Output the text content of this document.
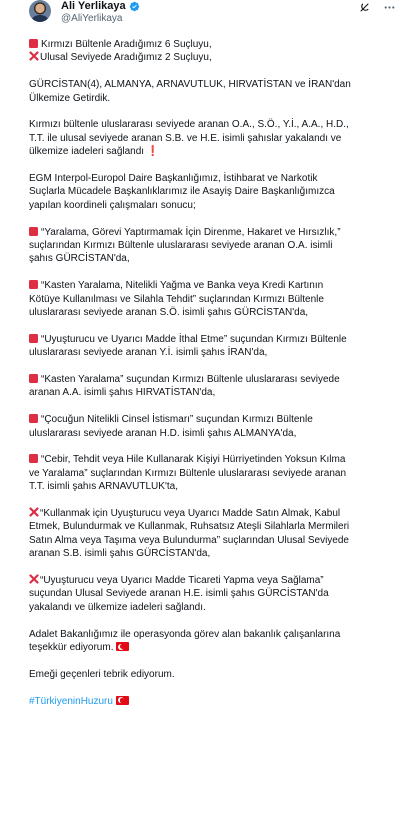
Ali Yerlikaya
@AliYerlikaya
Kırmızı Bültenle Aradığımız 6 Suçluyu,
Ulusal Seviyede Aradığımız 2 Suçluyu,
GÜRCİSTAN(4), ALMANYA, ARNAVUTLUK, HIRVATİSTAN ve İRAN'dan
Ülkemize Getirdik.
Kırmızı bültenle uluslararası seviyede aranan O.A., S.Ö., Y.İ., A.A., H.D.,
T.T. ile ulusal seviyede aranan S.B. ve H.E. isimli şahıslar yakalandı ve
ülkemize iadeleri sağlandı ❗
EGM Interpol-Europol Daire Başkanlığımız, İstihbarat ve Narkotik
Suçlarla Mücadele Başkanlıklarımız ile Asayiş Daire Başkanlığımızca
yapılan koordineli çalışmaları sonucu;
“Yaralama, Görevi Yaptırmamak İçin Direnme, Hakaret ve Hırsızlık,”
suçlarından Kırmızı Bültenle uluslararası seviyede aranan O.A. isimli
şahıs GÜRCİSTAN'da,
“Kasten Yaralama, Nitelikli Yağma ve Banka veya Kredi Kartının
Kötüye Kullanılması ve Silahla Tehdit” suçlarından Kırmızı Bültenle
uluslararası seviyede aranan S.Ö. isimli şahıs GÜRCİSTAN'da,
“Uyuşturucu ve Uyarıcı Madde İthal Etme” suçundan Kırmızı Bültenle
uluslararası seviyede aranan Y.İ. isimli şahıs İRAN'da,
“Kasten Yaralama” suçundan Kırmızı Bültenle uluslararası seviyede
aranan A.A. isimli şahıs HIRVATİSTAN'da,
“Çocuğun Nitelikli Cinsel İstismarı” suçundan Kırmızı Bültenle
uluslararası seviyede aranan H.D. isimli şahıs ALMANYA'da,
“Cebir, Tehdit veya Hile Kullanarak Kişiyi Hürriyetinden Yoksun Kılma
ve Yaralama” suçlarından Kırmızı Bültenle uluslararası seviyede aranan
T.T. isimli şahıs ARNAVUTLUK'ta,
“Kullanmak için Uyuşturucu veya Uyarıcı Madde Satın Almak, Kabul
Etmek, Bulundurmak ve Kullanmak, Ruhsatsız Ateşli Silahlarla Mermileri
Satın Alma veya Taşıma veya Bulundurma” suçlarından Ulusal Seviyede
aranan S.B. isimli şahıs GÜRCİSTAN'da,
“Uyuşturucu veya Uyarıcı Madde Ticareti Yapma veya Sağlama”
suçundan Ulusal Seviyede aranan H.E. isimli şahıs GÜRCİSTAN'da
yakalandı ve ülkemize iadeleri sağlandı.
Adalet Bakanlığımız ile operasyonda görev alan bakanlık çalışanlarına
teşekkür ediyorum.
Emeği geçenleri tebrik ediyorum.
#TürkiyeninHuzuru
